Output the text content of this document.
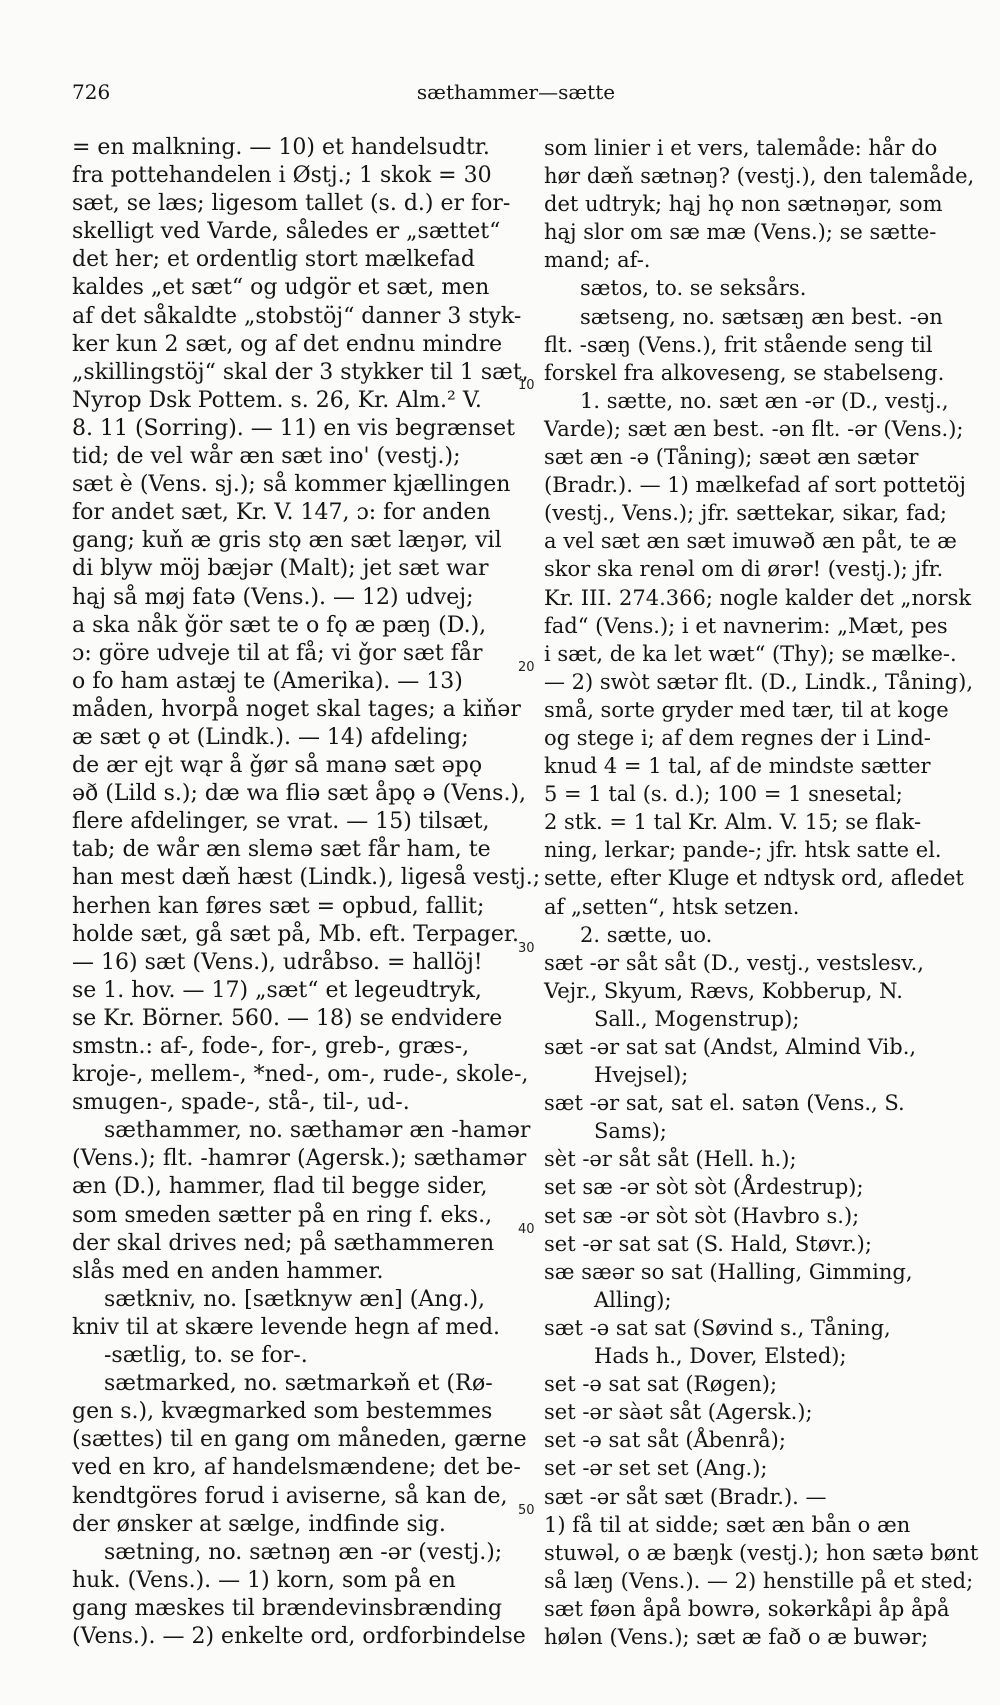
726	sæthammer—sætte
= en malkning. — 10) et handelsudtr.
fra pottehandelen i Østj.; 1 skok = 30
sæt, se læs; ligesom tallet (s. d.) er for-
skelligt ved Varde, således er „sættet“
det her; et ordentlig stort mælkefad
kaldes „et sæt“ og udgör et sæt, men
af det såkaldte „stobstöj“ danner 3 styk-
ker kun 2 sæt, og af det endnu mindre
„skillingstöj“ skal der 3 stykker til 1 sæt,
Nyrop Dsk Pottem. s. 26, Kr. Alm.² V.
8. 11 (Sorring). — 11) en vis begrænset
tid; de vel wår æn sæt ino' (vestj.);
sæt è (Vens. sj.); så kommer kjællingen
for andet sæt, Kr. V. 147, ɔ: for anden
gang; kuň æ gris stǫ æn sæt læŋər, vil
di blyw möj bæjər (Malt); jet sæt war
hąj så møj fatə (Vens.). — 12) udvej;
a ska nåk ǧör sæt te o fǫ æ pæŋ (D.),
ɔ: göre udveje til at få; vi ǧor sæt får
o fo ham astæj te (Amerika). — 13)
måden, hvorpå noget skal tages; a kiňər
æ sæt ǫ ət (Lindk.). — 14) afdeling;
de ær ejt wąr å ǧør så manə sæt əpǫ
əð (Lild s.); dæ wa fliə sæt åpǫ ə (Vens.),
flere afdelinger, se vrat. — 15) tilsæt,
tab; de wår æn slemə sæt får ham, te
han mest dæň hæst (Lindk.), ligeså vestj.;
herhen kan føres sæt = opbud, fallit;
holde sæt, gå sæt på, Mb. eft. Terpager.
— 16) sæt (Vens.), udråbso. = hallöj!
se 1. hov. — 17) „sæt“ et legeudtryk,
se Kr. Börner. 560. — 18) se endvidere
smstn.: af-, fode-, for-, greb-, græs-,
kroje-, mellem-, *ned-, om-, rude-, skole-,
smugen-, spade-, stå-, til-, ud-.
sæthammer, no. sæthamər æn -hamər
(Vens.); flt. -hamrər (Agersk.); sæthamər
æn (D.), hammer, flad til begge sider,
som smeden sætter på en ring f. eks.,
der skal drives ned; på sæthammeren
slås med en anden hammer.
sætkniv, no. [sætknyw æn] (Ang.),
kniv til at skære levende hegn af med.
-sætlig, to. se for-.
sætmarked, no. sætmarkəň et (Rø-
gen s.), kvægmarked som bestemmes
(sættes) til en gang om måneden, gærne
ved en kro, af handelsmændene; det be-
kendtgöres forud i aviserne, så kan de,
der ønsker at sælge, indfinde sig.
sætning, no. sætnəŋ æn -ər (vestj.);
huk. (Vens.). — 1) korn, som på en
gang mæskes til brændevinsbrænding
(Vens.). — 2) enkelte ord, ordforbindelse
som linier i et vers, talemåde: hår do
hør dæň sætnəŋ? (vestj.), den talemåde,
det udtryk; hąj hǫ non sætnəŋər, som
hąj slor om sæ mæ (Vens.); se sætte-
mand; af-.
sætos, to. se seksårs.
sætseng, no. sætsæŋ æn best. -ən
flt. -sæŋ (Vens.), frit stående seng til
forskel fra alkoveseng, se stabelseng.
1. sætte, no. sæt æn -ər (D., vestj.,
Varde); sæt æn best. -ən flt. -ər (Vens.);
sæt æn -ə (Tåning); sæət æn sætər
(Bradr.). — 1) mælkefad af sort pottetöj
(vestj., Vens.); jfr. sættekar, sikar, fad;
a vel sæt æn sæt imuwəð æn påt, te æ
skor ska renəl om di ørər! (vestj.); jfr.
Kr. III. 274.366; nogle kalder det „norsk
fad“ (Vens.); i et navnerim: „Mæt, pes
i sæt, de ka let wæt“ (Thy); se mælke-.
— 2) swòt sætər flt. (D., Lindk., Tåning),
små, sorte gryder med tær, til at koge
og stege i; af dem regnes der i Lind-
knud 4 = 1 tal, af de mindste sætter
5 = 1 tal (s. d.); 100 = 1 snesetal;
2 stk. = 1 tal Kr. Alm. V. 15; se flak-
ning, lerkar; pande-; jfr. htsk satte el.
sette, efter Kluge et ndtysk ord, afledet
af „setten“, htsk setzen.
2. sætte, uo.
sæt -ər såt såt (D., vestj., vestslesv.,
Vejr., Skyum, Rævs, Kobberup, N.
Sall., Mogenstrup);
sæt -ər sat sat (Andst, Almind Vib.,
Hvejsel);
sæt -ər sat, sat el. satən (Vens., S.
Sams);
sèt -ər såt såt (Hell. h.);
set sæ -ər sòt sòt (Årdestrup);
set sæ -ər sòt sòt (Havbro s.);
set -ər sat sat (S. Hald, Støvr.);
sæ sæər so sat (Halling, Gimming,
Alling);
sæt -ə sat sat (Søvind s., Tåning,
Hads h., Dover, Elsted);
set -ə sat sat (Røgen);
set -ər sàət såt (Agersk.);
set -ə sat såt (Åbenrå);
set -ər set set (Ang.);
sæt -ər såt sæt (Bradr.). —
1) få til at sidde; sæt æn bån o æn
stuwəl, o æ bæŋk (vestj.); hon sætə bønt
så læŋ (Vens.). — 2) henstille på et sted;
sæt føən åpå bowrə, sokərkåpi åp åpå
hølən (Vens.); sæt æ fað o æ buwər;
10
20
30
40
50
